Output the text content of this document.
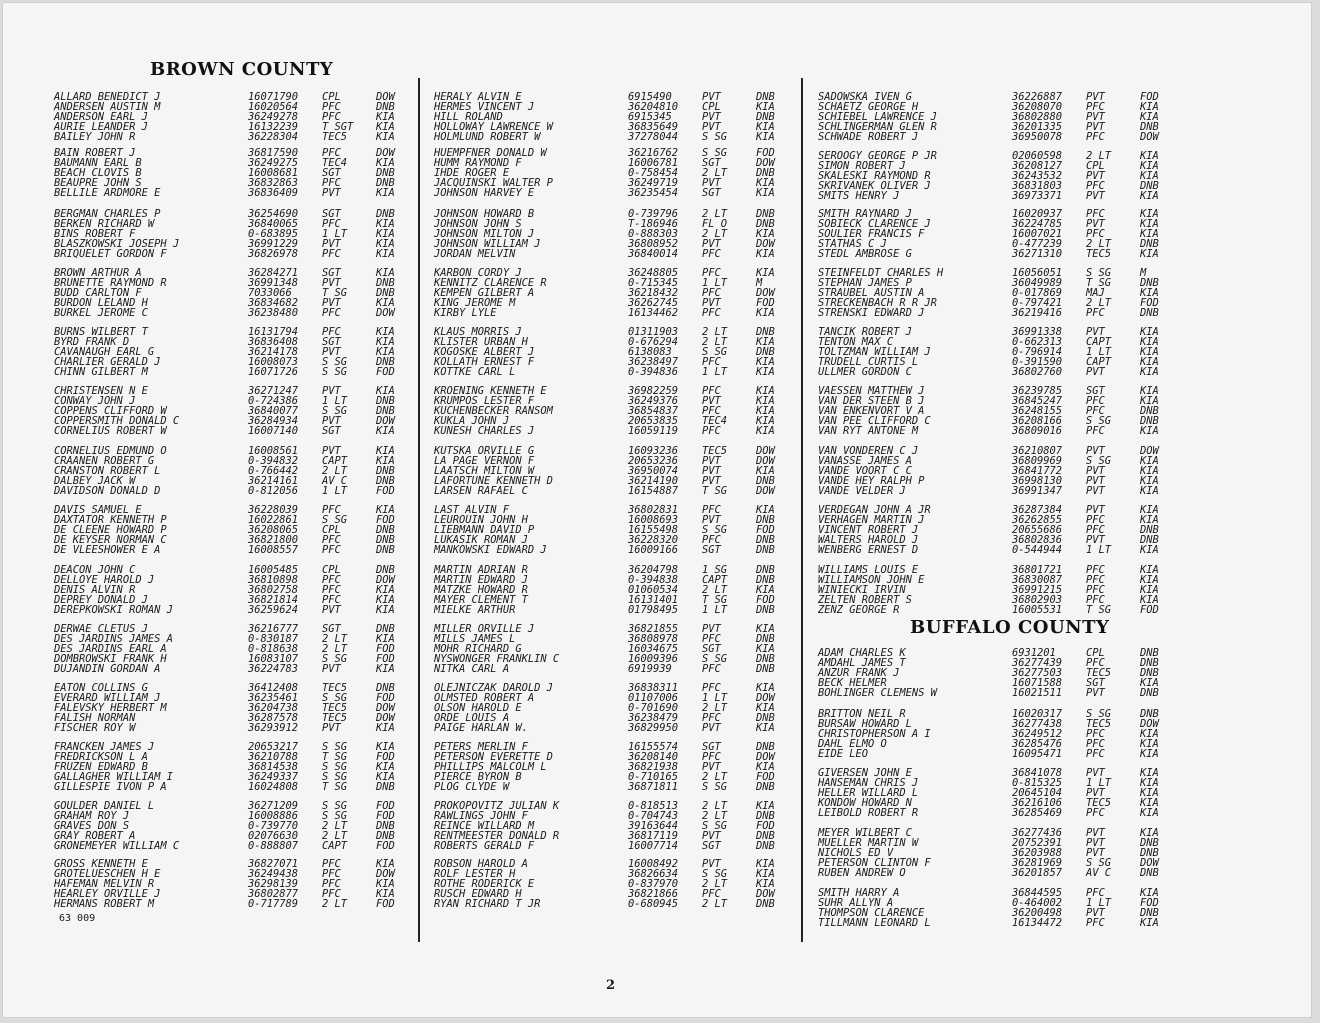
BROWN COUNTY
ALLARD BENEDICT J	16071790 CPL	DOW
ANDERSEN AUSTIN M	16020564 PFC	DNB
ANDERSON EARL J	36249278 PFC	KIA
AURIE LEANDER J	16132239 T SGT KIA
BAILEY JOHN R	36228304 TEC5	KIA
BAIN ROBERT J	36817590 PFC	DOW
BAUMANN EARL B	36249275 TEC4	KIA
BEACH CLOVIS B	16008681 SGT	DNB
BEAUPRE JOHN S	36832863 PFC	DNB
BELLILE ARDMORE E	36836409 PVT	KIA
BERGMAN CHARLES P	36254690 SGT	DNB
BERKEN RICHARD W	36840065 PFC	KIA
BINS ROBERT F	0-683895 1 LT	KIA
BLASZKOWSKI JOSEPH J	36991229 PVT	KIA
BRIQUELET GORDON F	36826978 PFC	KIA
BROWN ARTHUR A	36284271 SGT	KIA
BRUNETTE RAYMOND R	36991348 PVT	DNB
BUDD CARLTON F	7033066	T SG	DNB
BURDON LELAND H	36834682 PVT	KIA
BURKEL JEROME C	36238480 PFC	DOW
BURNS WILBERT T	16131794 PFC	KIA
BYRD FRANK D	36836408 SGT	KIA
CAVANAUGH EARL G	36214178 PVT	KIA
CHARLIER GERALD J	16008073 S SG	DNB
CHINN GILBERT M	16071726 S SG	FOD
CHRISTENSEN N E	36271247 PVT	KIA
CONWAY JOHN J	0-724386 1 LT	DNB
COPPENS CLIFFORD W	36840077 S SG	DNB
COPPERSMITH DONALD C	36284934 PVT	DOW
CORNELIUS ROBERT W	16007140 SGT	KIA
CORNELIUS EDMUND O	16008561 PVT	KIA
CRAANEN ROBERT G	0-394832 CAPT	KIA
CRANSTON ROBERT L	0-766442 2 LT	DNB
DALBEY JACK W	36214161 AV C	DNB
DAVIDSON DONALD D	0-812056 1 LT	FOD
DAVIS SAMUEL E	36228039 PFC	KIA
DAXTATOR KENNETH P	16022861 S SG	FOD
DE CLEENE HOWARD P	36208065 CPL	DNB
DE KEYSER NORMAN C	36821800 PFC	DNB
DE VLEESHOWER E A	16008557 PFC	DNB
DEACON JOHN C	16005485 CPL	DNB
DELLOYE HAROLD J	36810898 PFC	DOW
DENIS ALVIN R	36802758 PFC	KIA
DEPREY DONALD J	36821814 PFC	KIA
DEREPKOWSKI ROMAN J	36259624 PVT	KIA
DERWAE CLETUS J	36216777 SGT	DNB
DES JARDINS JAMES A	0-830187 2 LT	KIA
DES JARDINS EARL A	0-818638 2 LT	FOD
DOMBROWSKI FRANK H	16083107 S SG	FOD
DUJANDIN GORDAN A	36224783 PVT	KIA
EATON COLLINS G	36412408 TEC5	DNB
EVERARD WILLIAM J	36235461 S SG	FOD
FALEVSKY HERBERT M	36204738 TEC5	DOW
FALISH NORMAN	36287578 TEC5	DOW
FISCHER ROY W	36293912 PVT	KIA
FRANCKEN JAMES J	20653217 S SG	KIA
FREDRICKSON L A	36210788 T SG	FOD
FRUZEN EDWARD B	36814538 S SG	KIA
GALLAGHER WILLIAM I	36249337 S SG	KIA
GILLESPIE IVON P A	16024808 T SG	DNB
GOULDER DANIEL L	36271209 S SG	FOD
GRAHAM ROY J	16008886 S SG	FOD
GRAVES DON S	0-739770 2 LT	DNB
GRAY ROBERT A	02076630 2 LT	DNB
GRONEMEYER WILLIAM C	0-888807 CAPT	FOD
GROSS KENNETH E	36827071 PFC	KIA
GROTELUESCHEN H E	36249438 PFC	DOW
HAFEMAN MELVIN R	36298139 PFC	KIA
HEARLEY ORVILLE J	36802877 PFC	KIA
HERMANS ROBERT M	0-717789 2 LT	FOD
HERALY ALVIN E	6915490	PVT	DNB
HERMES VINCENT J	36204810 CPL	KIA
HILL ROLAND	6915345	PVT	DNB
HOLLOWAY LAWRENCE W	36835649 PVT	KIA
HOLMLUND ROBERT W	37278044 S SG	KIA
HUEMPFNER DONALD W	36216762 S SG	FOD
HUMM RAYMOND F	16006781 SGT	DOW
IHDE ROGER E	0-758454 2 LT	DNB
JACQUINSKI WALTER P	36249719 PVT	KIA
JOHNSON HARVEY E	36235454 SGT	KIA
JOHNSON HOWARD B	0-739796 2 LT	DNB
JOHNSON JOHN S	T-186946 FL O	DNB
JOHNSON MILTON J	0-888303 2 LT	KIA
JOHNSON WILLIAM J	36808952 PVT	DOW
JORDAN MELVIN	36840014 PFC	KIA
KARBON CORDY J	36248805 PFC	KIA
KENNITZ CLARENCE R	0-715345 1 LT	M
KEMPEN GILBERT A	36218432 PFC	DOW
KING JEROME M	36262745 PVT	FOD
KIRBY LYLE	16134462 PFC	KIA
KLAUS MORRIS J	01311903 2 LT	DNB
KLISTER URBAN H	0-676294 2 LT	KIA
KOGOSKE ALBERT J	6138083	S SG	DNB
KOLLATH ERNEST F	36238497 PFC	KIA
KOTTKE CARL L	0-394836 1 LT	KIA
KROENING KENNETH E	36982259 PFC	KIA
KRUMPOS LESTER F	36249376 PVT	KIA
KUCHENBECKER RANSOM	36854837 PFC	KIA
KUKLA JOHN J	20653835 TEC4	KIA
KUNESH CHARLES J	16059119 PFC	KIA
KUTSKA ORVILLE G	16093236 TEC5	DOW
LA PAGE VERNON F	20653236 PVT	DOW
LAATSCH MILTON W	36950074 PVT	KIA
LAFORTUNE KENNETH D	36214190 PVT	DNB
LARSEN RAFAEL C	16154887 T SG	DOW
LAST ALVIN F	36802831 PFC	KIA
LEUROUIN JOHN H	16008693 PVT	DNB
LIEBMANN DAVID P	16155498 S SG	FOD
LUKASIK ROMAN J	36228320 PFC	DNB
MANKOWSKI EDWARD J	16009166 SGT	DNB
MARTIN ADRIAN R	36204798 1 SG	DNB
MARTIN EDWARD J	0-394838 CAPT	DNB
MATZKE HOWARD R	01060534 2 LT	KIA
MAYER CLEMENT T	16131401 T SG	FOD
MIELKE ARTHUR	01798495 1 LT	DNB
MILLER ORVILLE J	36821855 PVT	KIA
MILLS JAMES L	36808978 PFC	DNB
MOHR RICHARD G	16034675 SGT	KIA
NYSWONGER FRANKLIN C	16009396 S SG	DNB
NITKA CARL A	6919939	PFC	DNB
OLEJNICZAK DAROLD J	36838311 PFC	KIA
OLMSTED ROBERT A	01107006 1 LT	DOW
OLSON HAROLD E	0-701690 2 LT	KIA
ORDE LOUIS A	36238479 PFC	DNB
PAIGE HARLAN W.	36829950 PVT	KIA
PETERS MERLIN F	16155574 SGT	DNB
PETERSON EVERETTE D	36208140 PFC	DOW
PHILLIPS MALCOLM L	36821938 PVT	KIA
PIERCE BYRON B	0-710165 2 LT	FOD
PLOG CLYDE W	36871811 S SG	DNB
PROKOPOVITZ JULIAN K	0-818513 2 LT	KIA
RAWLINGS JOHN F	0-704743 2 LT	DNB
REINCE WILLARD M	39163644 S SG	FOD
RENTMEESTER DONALD R	36817119 PVT	DNB
ROBERTS GERALD F	16007714 SGT	DNB
ROBSON HAROLD A	16008492 PVT	KIA
ROLF LESTER H	36826634 S SG	KIA
ROTHE RODERICK E	0-837970 2 LT	KIA
RUSCH EDWARD H	36821866 PFC	DOW
RYAN RICHARD T JR	0-680945 2 LT	DNB
SADOWSKA IVEN G	36226887 PVT	FOD
SCHAETZ GEORGE H	36208070 PFC	KIA
SCHIEBEL LAWRENCE J	36802880 PVT	KIA
SCHLINGERMAN GLEN R	36201335 PVT	DNB
SCHWADE ROBERT J	36950078 PFC	DOW
SEROOGY GEORGE P JR	02060598 2 LT	KIA
SIMON ROBERT J	36208127 CPL	KIA
SKALESKI RAYMOND R	36243532 PVT	KIA
SKRIVANEK OLIVER J	36831803 PFC	DNB
SMITS HENRY J	36973371 PVT	KIA
SMITH RAYNARD J	16020937 PFC	KIA
SOBIECK CLARENCE J	36224785 PVT	KIA
SOULIER FRANCIS F	16007021 PFC	KIA
STATHAS C J	0-477239 2 LT	DNB
STEDL AMBROSE G	36271310 TEC5	KIA
STEINFELDT CHARLES H	16056051 S SG	M
STEPHAN JAMES P	36049989 T SG	DNB
STRAUBEL AUSTIN A	0-017869 MAJ	KIA
STRECKENBACH R R JR	0-797421 2 LT	FOD
STRENSKI EDWARD J	36219416 PFC	DNB
TANCIK ROBERT J	36991338 PVT	KIA
TENTON MAX C	0-662313 CAPT	KIA
TOLTZMAN WILLIAM J	0-796914 1 LT	KIA
TRUDELL CURTIS L	0-391590 CAPT	KIA
ULLMER GORDON C	36802760 PVT	KIA
VAESSEN MATTHEW J	36239785 SGT	KIA
VAN DER STEEN B J	36845247 PFC	KIA
VAN ENKENVORT V A	36248155 PFC	DNB
VAN PEE CLIFFORD C	36208166 S SG	DNB
VAN RYT ANTONE M	36809016 PFC	KIA
VAN VONDEREN C J	36210807 PVT	DOW
VANASSE JAMES A	36809969 S SG	KIA
VANDE VOORT C C	36841772 PVT	KIA
VANDE HEY RALPH P	36998130 PVT	KIA
VANDE VELDER J	36991347 PVT	KIA
VERDEGAN JOHN A JR	36287384 PVT	KIA
VERHAGEN MARTIN J	36262855 PFC	KIA
VINCENT ROBERT J	20655686 PFC	DNB
WALTERS HAROLD J	36802836 PVT	DNB
WENBERG ERNEST D	0-544944 1 LT	KIA
WILLIAMS LOUIS E	36801721 PFC	KIA
WILLIAMSON JOHN E	36830087 PFC	KIA
WINIECKI IRVIN	36991215 PFC	KIA
ZELTEN ROBERT S	36802903 PFC	KIA
ZENZ GEORGE R	16005531 T SG	FOD
BUFFALO COUNTY
ADAM CHARLES K	6931201	CPL	DNB
AMDAHL JAMES T	36277439 PFC	DNB
ANZUR FRANK J	36277503 TEC5	DNB
BECK HELMER	16071588 SGT	KIA
BOHLINGER CLEMENS W	16021511 PVT	DNB
BRITTON NEIL R	16020317 S SG	DNB
BURSAW HOWARD L	36277438 TEC5	DOW
CHRISTOPHERSON A I	36249512 PFC	KIA
DAHL ELMO O	36285476 PFC	KIA
EIDE LEO	16095471 PFC	KIA
GIVERSEN JOHN E	36841078 PVT	KIA
HANSEMAN CHRIS J	0-815325 1 LT	KIA
HELLER WILLARD L	20645104 PVT	KIA
KONDOW HOWARD N	36216106 TEC5	KIA
LEIBOLD ROBERT R	36285469 PFC	KIA
MEYER WILBERT C	36277436 PVT	KIA
MUELLER MARTIN W	20752391 PVT	DNB
NICHOLS ED V	36203988 PVT	DNB
PETERSON CLINTON F	36281969 S SG	DOW
RUBEN ANDREW O	36201857 AV C	DNB
SMITH HARRY A	36844595 PFC	KIA
SUHR ALLYN A	0-464002 1 LT	FOD
THOMPSON CLARENCE	36200498 PVT	DNB
TILLMANN LEONARD L	16134472 PFC	KIA
63 009
2
